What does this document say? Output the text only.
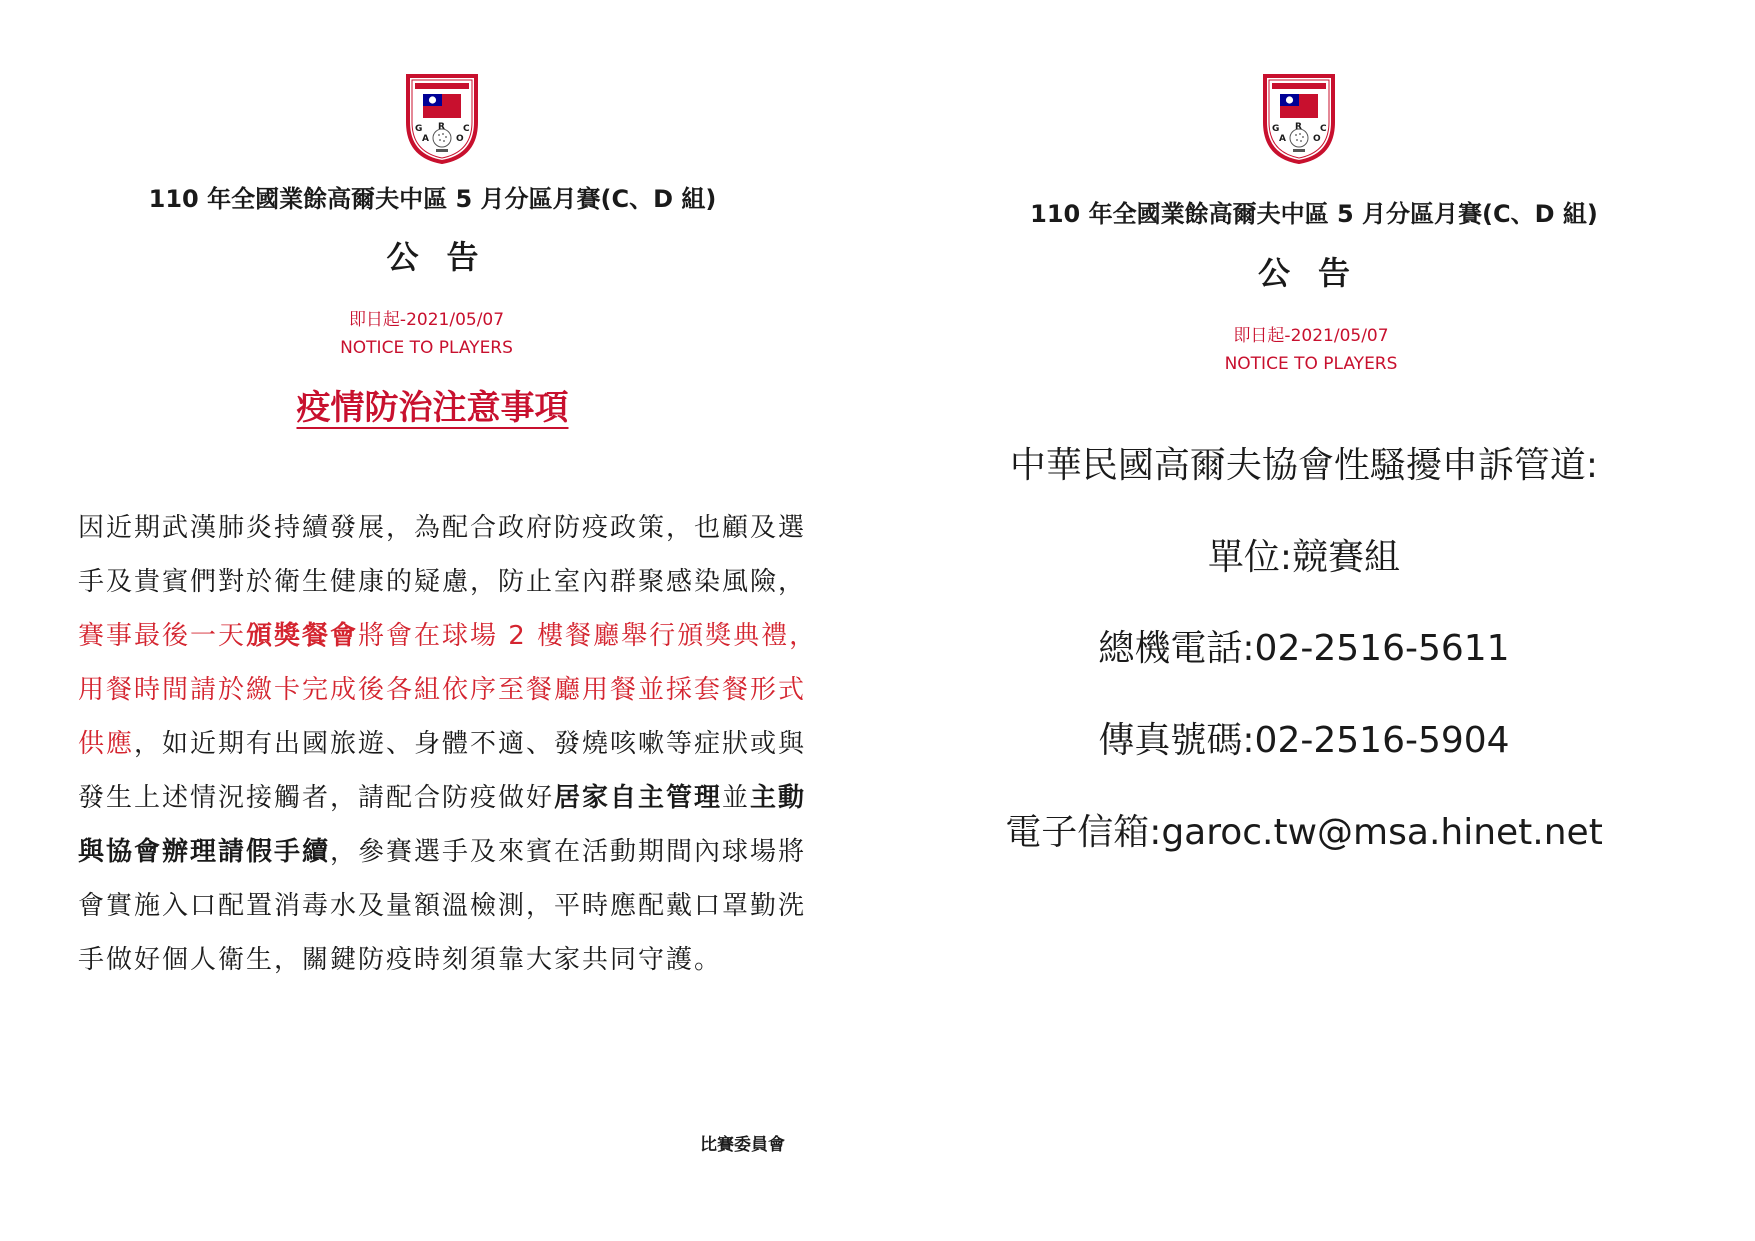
G
A
R
O
C
110 年全國業餘高爾夫中區 5 月分區月賽(C、D 組)
公告
即日起-2021/05/07
NOTICE TO PLAYERS
疫情防治注意事項
因近期武漢肺炎持續發展，為配合政府防疫政策，也顧及選手及貴賓們對於衛生健康的疑慮，防止室內群聚感染風險，賽事最後一天頒獎餐會將會在球場 2 樓餐廳舉行頒獎典禮，用餐時間請於繳卡完成後各組依序至餐廳用餐並採套餐形式供應，如近期有出國旅遊、身體不適、發燒咳嗽等症狀或與發生上述情況接觸者，請配合防疫做好居家自主管理並主動與協會辦理請假手續，參賽選手及來賓在活動期間內球場將會實施入口配置消毒水及量額溫檢測，平時應配戴口罩勤洗手做好個人衛生，關鍵防疫時刻須靠大家共同守護。
比賽委員會
G
A
R
O
C
110 年全國業餘高爾夫中區 5 月分區月賽(C、D 組)
公告
即日起-2021/05/07
NOTICE TO PLAYERS
中華民國高爾夫協會性騷擾申訴管道:
單位:競賽組
總機電話:02-2516-5611
傳真號碼:02-2516-5904
電子信箱:garoc.tw@msa.hinet.net
